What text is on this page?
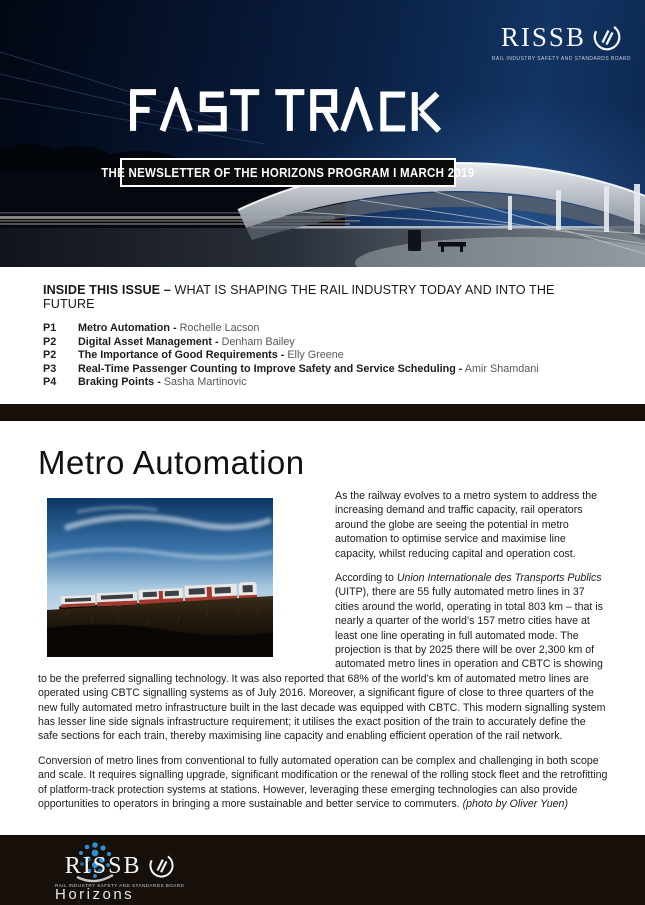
RISSB
RAIL INDUSTRY SAFETY AND STANDARDS BOARD
THE NEWSLETTER OF THE HORIZONS PROGRAM I MARCH 2019
INSIDE THIS ISSUE – WHAT IS SHAPING THE RAIL INDUSTRY TODAY AND INTO THE FUTURE
P1	Metro Automation - Rochelle Lacson
P2	Digital Asset Management - Denham Bailey
P2	The Importance of Good Requirements - Elly Greene
P3	Real-Time Passenger Counting to Improve Safety and Service Scheduling - Amir Shamdani
P4	Braking Points - Sasha Martinovic
Metro Automation

As the railway evolves to a metro system to address the increasing demand and traffic capacity, rail operators around the globe are seeing the potential in metro automation to optimise service and maximise line capacity, whilst reducing capital and operation cost.

According to Union Internationale des Transports Publics (UITP), there are 55 fully automated metro lines in 37 cities around the world, operating in total 803 km – that is nearly a quarter of the world’s 157 metro cities have at least one line operating in full automated mode. The projection is that by 2025 there will be over 2,300 km of automated metro lines in operation and CBTC is showing to be the preferred signalling technology. It was also reported that 68% of the world’s km of automated metro lines are operated using CBTC signalling systems as of July 2016. Moreover, a significant figure of close to three quarters of the new fully automated metro infrastructure built in the last decade was equipped with CBTC. This modern signalling system has lesser line side signals infrastructure requirement; it utilises the exact position of the train to accurately define the safe sections for each train, thereby maximising line capacity and enabling efficient operation of the rail network.

Conversion of metro lines from conventional to fully automated operation can be complex and challenging in both scope and scale. It requires signalling upgrade, significant modification or the renewal of the rolling stock fleet and the retrofitting of platform-track protection systems at stations. However, leveraging these emerging technologies can also provide opportunities to operators in bringing a more sustainable and better service to commuters. (photo by Oliver Yuen)

Horizons
RISSB
RAIL INDUSTRY SAFETY AND STANDARDS BOARD
